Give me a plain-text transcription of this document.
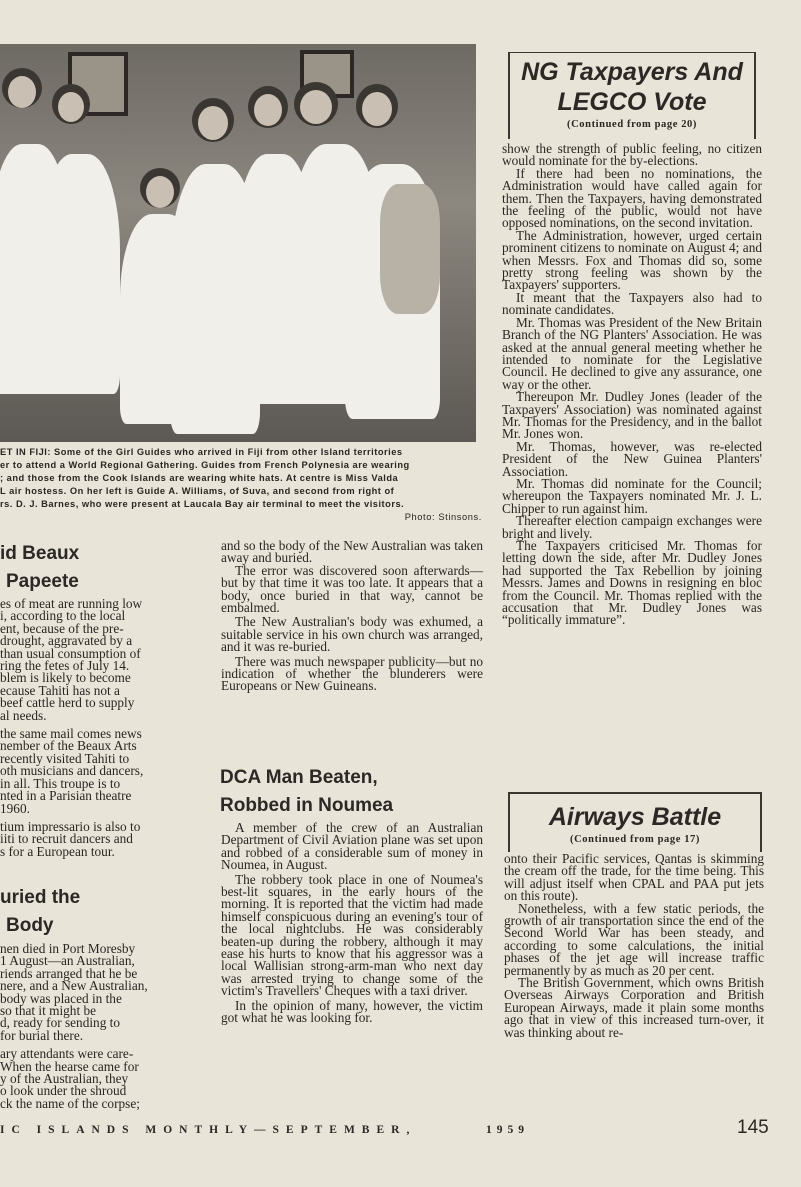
ET IN FIJI: Some of the Girl Guides who arrived in Fiji from other Island territories
er to attend a World Regional Gathering. Guides from French Polynesia are wearing
; and those from the Cook Islands are wearing white hats. At centre is Miss Valda
L air hostess. On her left is Guide A. Williams, of Suva, and second from right of
rs. D. J. Barnes, who were present at Laucala Bay air terminal to meet the visitors.
Photo: Stinsons.
NG Taxpayers And
LEGCO Vote
(Continued from page 20)

show the strength of public feeling, no citizen would nominate for the by-elections.

If there had been no nominations, the Administration would have called again for them. Then the Taxpayers, having demonstrated the feeling of the public, would not have opposed nominations, on the second invitation.

The Administration, however, urged certain prominent citizens to nominate on August 4; and when Messrs. Fox and Thomas did so, some pretty strong feeling was shown by the Taxpayers' supporters.

It meant that the Taxpayers also had to nominate candidates.

Mr. Thomas was President of the New Britain Branch of the NG Planters' Association. He was asked at the annual general meeting whether he intended to nominate for the Legislative Council. He declined to give any assurance, one way or the other.

Thereupon Mr. Dudley Jones (leader of the Taxpayers' Association) was nominated against Mr. Thomas for the Presidency, and in the ballot Mr. Jones won.

Mr. Thomas, however, was re-elected President of the New Guinea Planters' Association.

Mr. Thomas did nominate for the Council; whereupon the Taxpayers nominated Mr. J. L. Chipper to run against him.

Thereafter election campaign exchanges were bright and lively.

The Taxpayers criticised Mr. Thomas for letting down the side, after Mr. Dudley Jones had supported the Tax Rebellion by joining Messrs. James and Downs in resigning en bloc from the Council. Mr. Thomas replied with the accusation that Mr. Dudley Jones was “politically immature”.

Airways Battle
(Continued from page 17)

onto their Pacific services, Qantas is skimming the cream off the trade, for the time being. This will adjust itself when CPAL and PAA put jets on this route).

Nonetheless, with a few static periods, the growth of air transportation since the end of the Second World War has been steady, and according to some calculations, the initial phases of the jet age will increase traffic permanently by as much as 20 per cent.

The British Government, which owns British Overseas Airways Corporation and British European Airways, made it plain some months ago that in view of this increased turn-over, it was thinking about re-

id Beaux
Papeete

es of meat are running low

i, according to the local

ent, because of the pre-

drought, aggravated by a

than usual consumption of

ring the fetes of July 14.

blem is likely to become

ecause Tahiti has not a

beef cattle herd to supply

al needs.

the same mail comes news

nember of the Beaux Arts

recently visited Tahiti to

oth musicians and dancers,

in all. This troupe is to

nted in a Parisian theatre

1960.

tium impressario is also to

iiti to recruit dancers and

s for a European tour.

uried the
Body

nen died in Port Moresby

1 August—an Australian,

riends arranged that he be

nere, and a New Australian,

body was placed in the

so that it might be

d, ready for sending to

for burial there.

ary attendants were care-

When the hearse came for

y of the Australian, they

o look under the shroud

ck the name of the corpse;

and so the body of the New Australian was taken away and buried.

The error was discovered soon afterwards—but by that time it was too late. It appears that a body, once buried in that way, cannot be embalmed.

The New Australian's body was exhumed, a suitable service in his own church was arranged, and it was re-buried.

There was much newspaper publicity—but no indication of whether the blunderers were Europeans or New Guineans.

DCA Man Beaten,
Robbed in Noumea

A member of the crew of an Australian Department of Civil Aviation plane was set upon and robbed of a considerable sum of money in Noumea, in August.

The robbery took place in one of Noumea's best-lit squares, in the early hours of the morning. It is reported that the victim had made himself conspicuous during an evening's tour of the local nightclubs. He was considerably beaten-up during the robbery, although it may ease his hurts to know that his aggressor was a local Wallisian strong-arm-man who next day was arrested trying to change some of the victim's Travellers' Cheques with a taxi driver.

In the opinion of many, however, the victim got what he was looking for.

IC ISLANDS MONTHLY—SEPTEMBER,	1959	145
